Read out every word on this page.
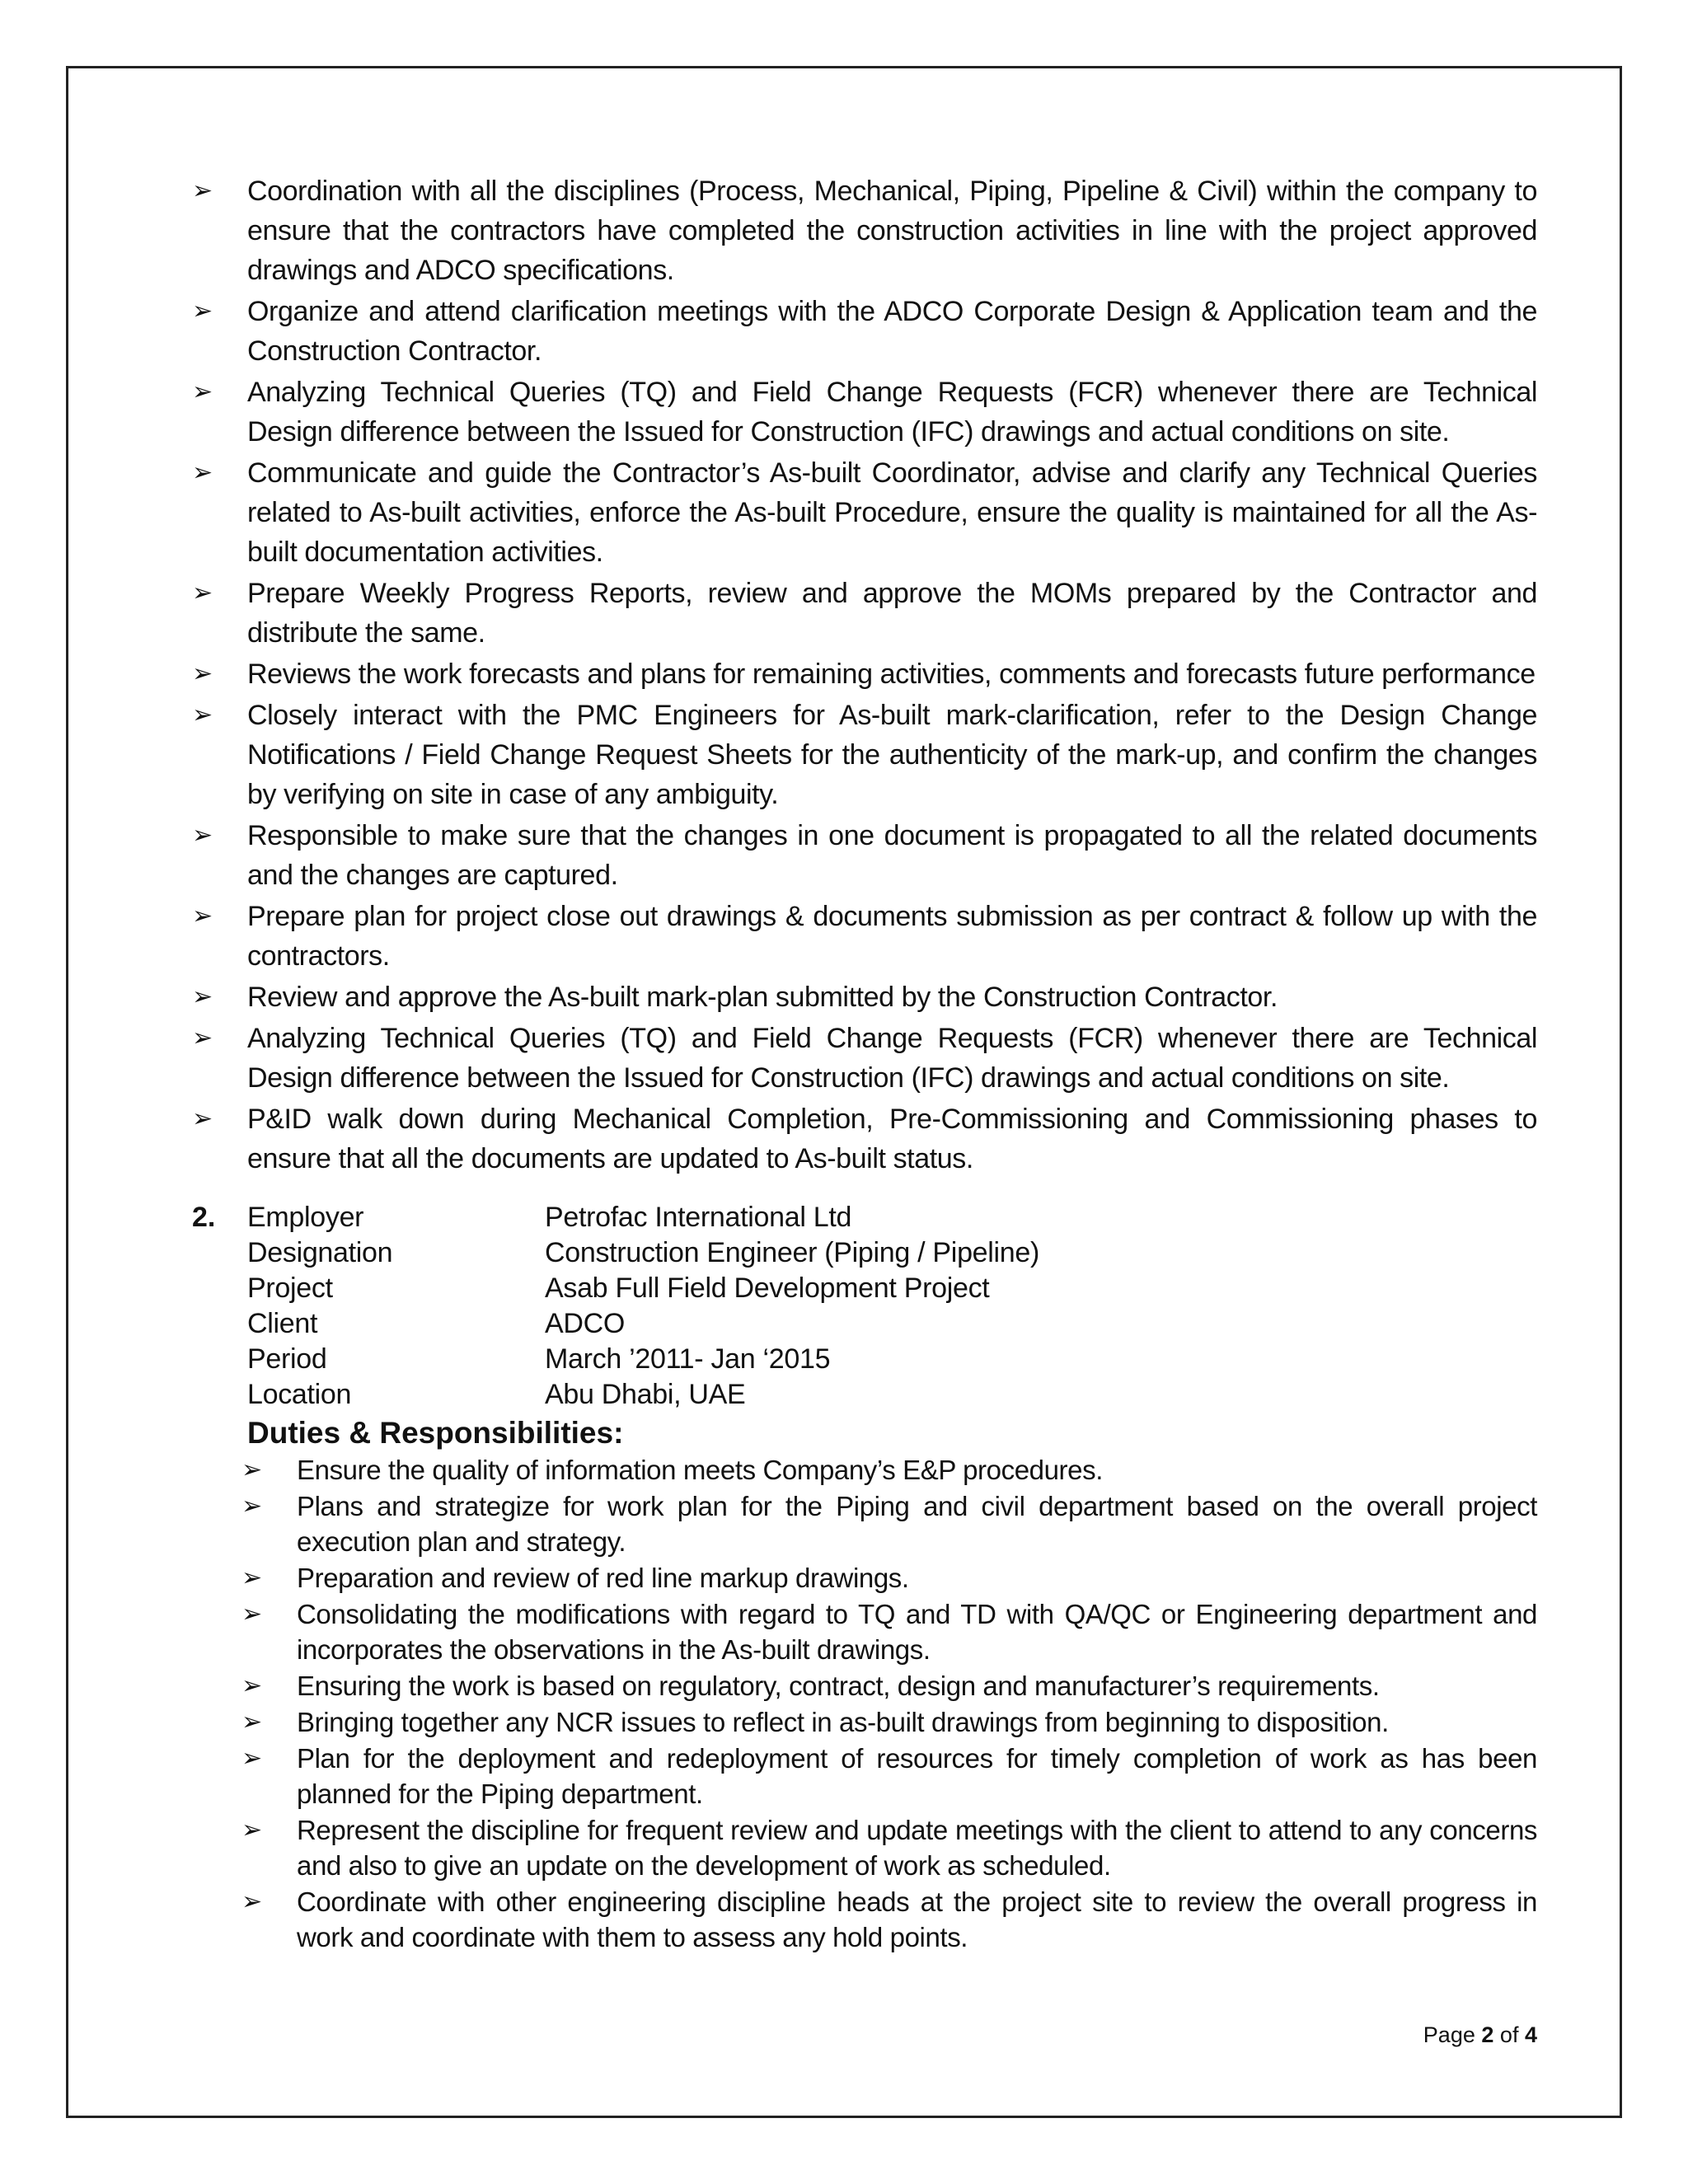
➢ Coordination with all the disciplines (Process, Mechanical, Piping, Pipeline & Civil) within the company to ensure that the contractors have completed the construction activities in line with the project approved drawings and ADCO specifications.
➢ Organize and attend clarification meetings with the ADCO Corporate Design & Application team and the Construction Contractor.
➢ Analyzing Technical Queries (TQ) and Field Change Requests (FCR) whenever there are Technical Design difference between the Issued for Construction (IFC) drawings and actual conditions on site.
➢ Communicate and guide the Contractor’s As-built Coordinator, advise and clarify any Technical Queries related to As-built activities, enforce the As-built Procedure, ensure the quality is maintained for all the As-built documentation activities.
➢ Prepare Weekly Progress Reports, review and approve the MOMs prepared by the Contractor and distribute the same.
➢ Reviews the work forecasts and plans for remaining activities, comments and forecasts future performance
➢ Closely interact with the PMC Engineers for As-built mark-clarification, refer to the Design Change Notifications / Field Change Request Sheets for the authenticity of the mark-up, and confirm the changes by verifying on site in case of any ambiguity.
➢ Responsible to make sure that the changes in one document is propagated to all the related documents and the changes are captured.
➢ Prepare plan for project close out drawings & documents submission as per contract & follow up with the contractors.
➢ Review and approve the As-built mark-plan submitted by the Construction Contractor.
➢ Analyzing Technical Queries (TQ) and Field Change Requests (FCR) whenever there are Technical Design difference between the Issued for Construction (IFC) drawings and actual conditions on site.
➢ P&ID walk down during Mechanical Completion, Pre-Commissioning and Commissioning phases to ensure that all the documents are updated to As-built status.
2. Employer	Petrofac International Ltd
Designation	Construction Engineer (Piping / Pipeline)
Project	Asab Full Field Development Project
Client	ADCO
Period	March ’2011- Jan ‘2015
Location	Abu Dhabi, UAE
Duties & Responsibilities:
➢ Ensure the quality of information meets Company’s E&P procedures.
➢ Plans and strategize for work plan for the Piping and civil department based on the overall project execution plan and strategy.
➢ Preparation and review of red line markup drawings.
➢ Consolidating the modifications with regard to TQ and TD with QA/QC or Engineering department and incorporates the observations in the As-built drawings.
➢ Ensuring the work is based on regulatory, contract, design and manufacturer’s requirements.
➢ Bringing together any NCR issues to reflect in as-built drawings from beginning to disposition.
➢ Plan for the deployment and redeployment of resources for timely completion of work as has been planned for the Piping department.
➢ Represent the discipline for frequent review and update meetings with the client to attend to any concerns and also to give an update on the development of work as scheduled.
➢ Coordinate with other engineering discipline heads at the project site to review the overall progress in work and coordinate with them to assess any hold points.
Page 2 of 4
